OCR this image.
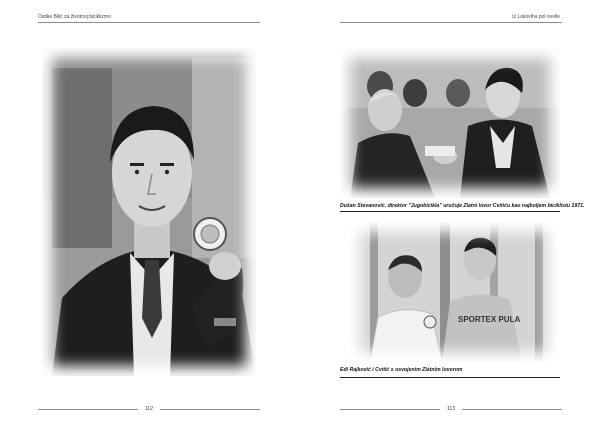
Ostike Bilić za životnoj biciklizmo
112
Iz Lokoviha pol ovolle
Dušan Stevanović, direktor "Jugobicikla" uručuje Zlatni lovor Cvitiću kao najboljem biciklistu 1971.
SPORTEX PULA
Edi Rajković i Cvitić s osvojenim Zlatnim lovorom
113
